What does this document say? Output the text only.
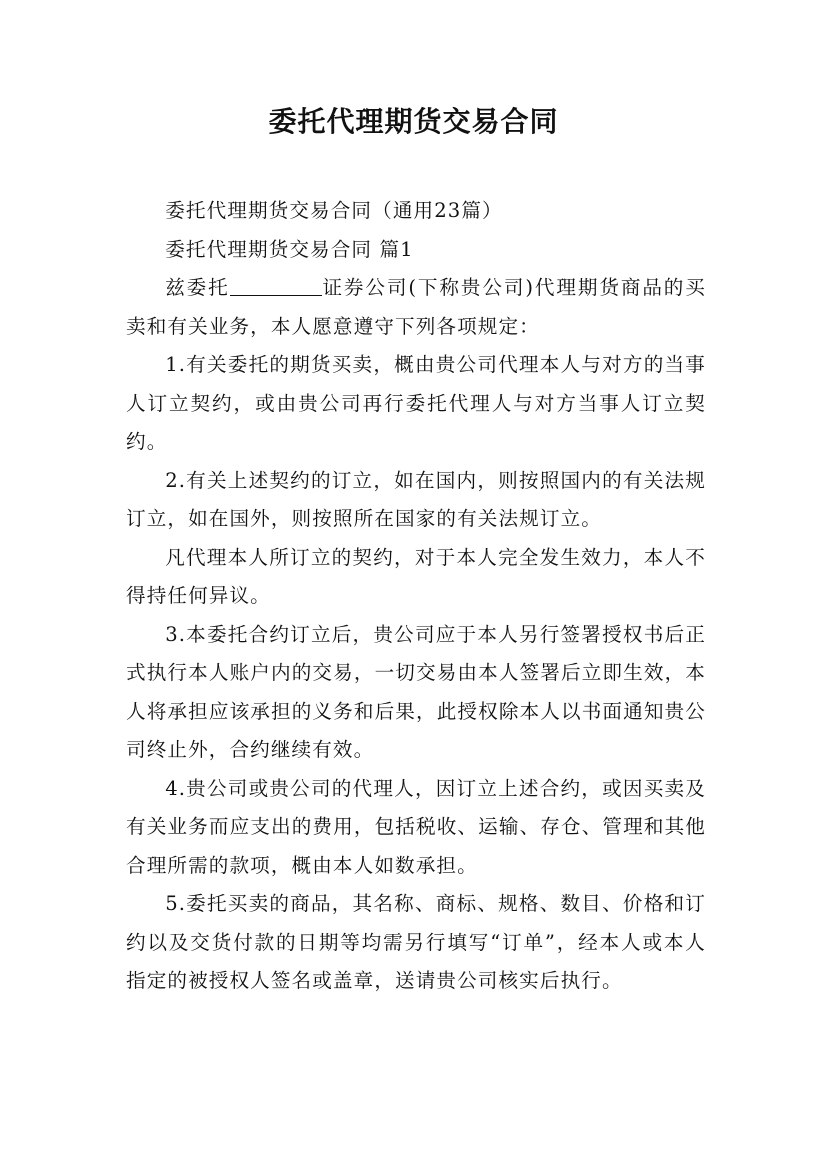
委托代理期货交易合同

委托代理期货交易合同（通用23篇）

委托代理期货交易合同 篇1

兹委托	证券公司(下称贵公司)代理期货商品的买卖和有关业务，本人愿意遵守下列各项规定：

1.有关委托的期货买卖，概由贵公司代理本人与对方的当事人订立契约，或由贵公司再行委托代理人与对方当事人订立契约。

2.有关上述契约的订立，如在国内，则按照国内的有关法规订立，如在国外，则按照所在国家的有关法规订立。

凡代理本人所订立的契约，对于本人完全发生效力，本人不得持任何异议。

3.本委托合约订立后，贵公司应于本人另行签署授权书后正式执行本人账户内的交易，一切交易由本人签署后立即生效，本人将承担应该承担的义务和后果，此授权除本人以书面通知贵公司终止外，合约继续有效。

4.贵公司或贵公司的代理人，因订立上述合约，或因买卖及有关业务而应支出的费用，包括税收、运输、存仓、管理和其他合理所需的款项，概由本人如数承担。

5.委托买卖的商品，其名称、商标、规格、数目、价格和订约以及交货付款的日期等均需另行填写“订单”，经本人或本人指定的被授权人签名或盖章，送请贵公司核实后执行。
